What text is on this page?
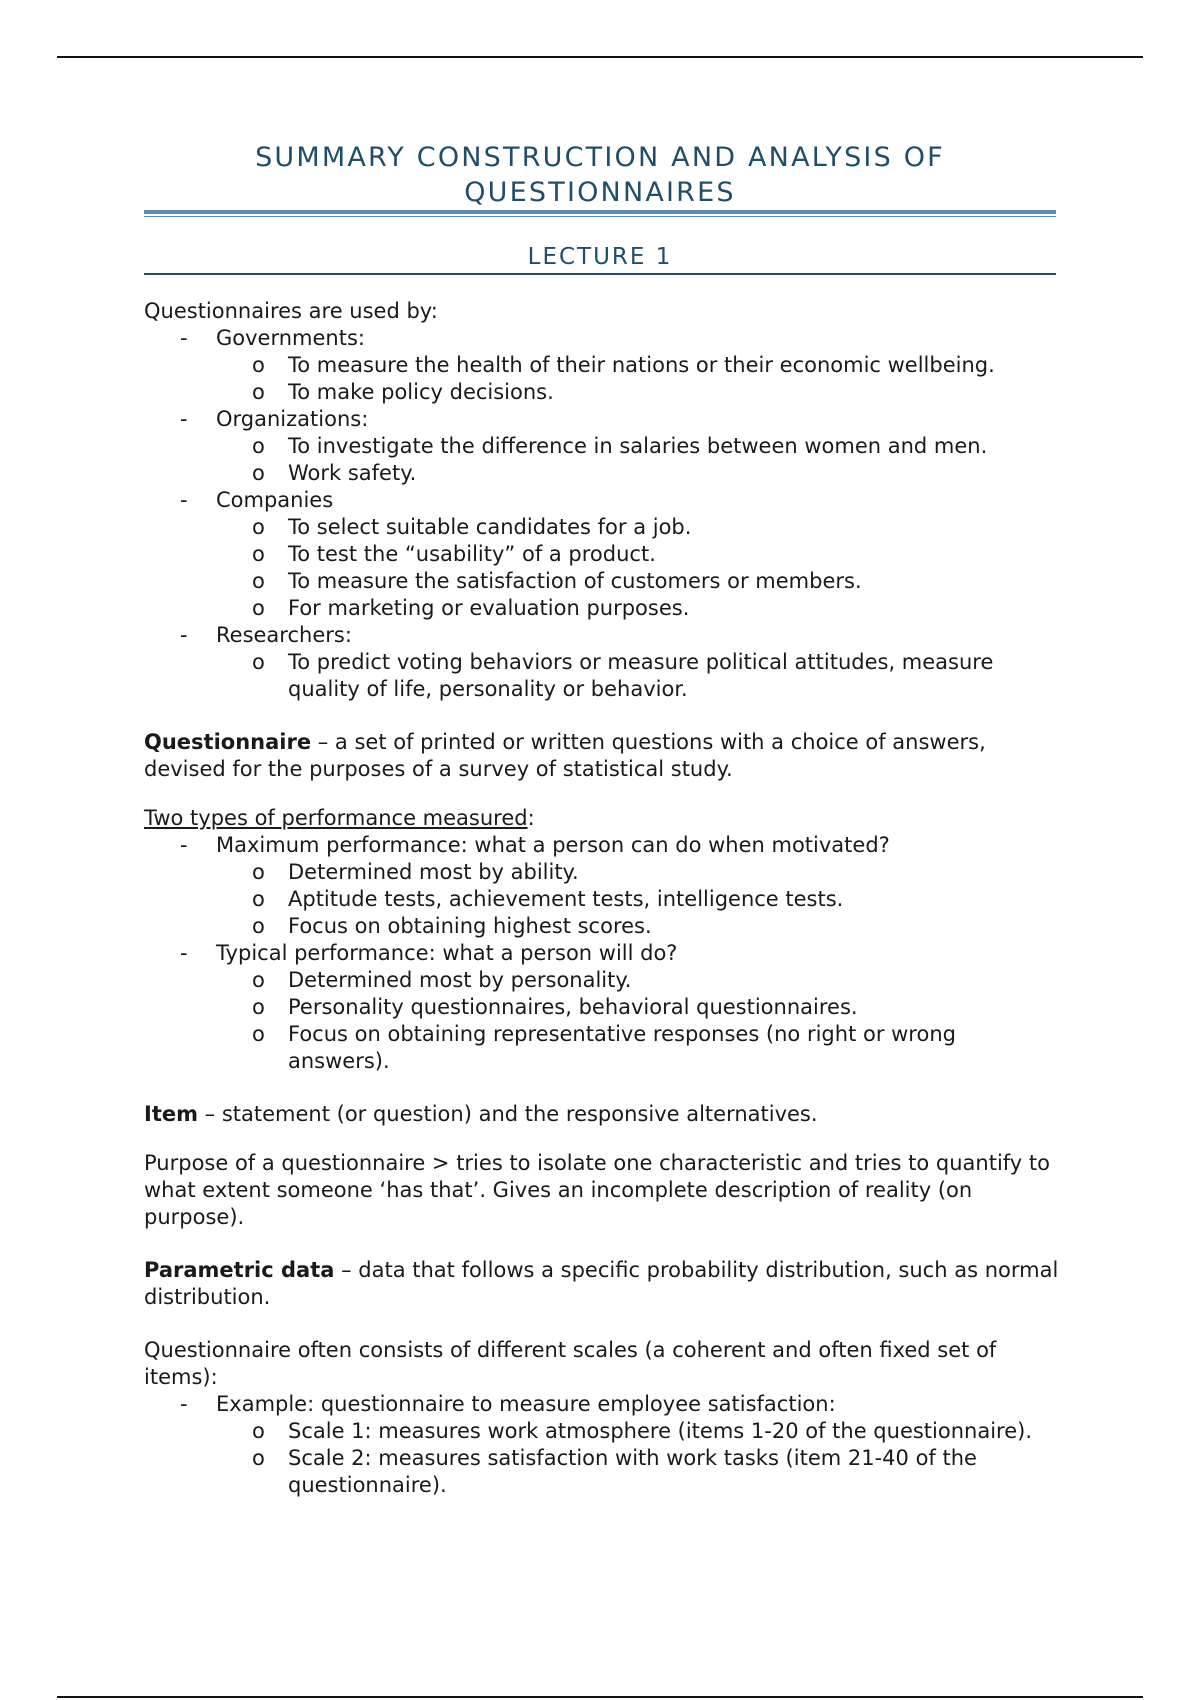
SUMMARY CONSTRUCTION AND ANALYSIS OF QUESTIONNAIRES
LECTURE 1

Questionnaires are used by:

- Governments:
o To measure the health of their nations or their economic wellbeing.
o To make policy decisions.
- Organizations:
o To investigate the difference in salaries between women and men.
o Work safety.
- Companies
o To select suitable candidates for a job.
o To test the “usability” of a product.
o To measure the satisfaction of customers or members.
o For marketing or evaluation purposes.
- Researchers:
o To predict voting behaviors or measure political attitudes, measure quality of life, personality or behavior.

Questionnaire – a set of printed or written questions with a choice of answers, devised for the purposes of a survey of statistical study.

Two types of performance measured:

- Maximum performance: what a person can do when motivated?
o Determined most by ability.
o Aptitude tests, achievement tests, intelligence tests.
o Focus on obtaining highest scores.
- Typical performance: what a person will do?
o Determined most by personality.
o Personality questionnaires, behavioral questionnaires.
o Focus on obtaining representative responses (no right or wrong answers).

Item – statement (or question) and the responsive alternatives.

Purpose of a questionnaire > tries to isolate one characteristic and tries to quantify to what extent someone ‘has that’. Gives an incomplete description of reality (on purpose).

Parametric data – data that follows a specific probability distribution, such as normal distribution.

Questionnaire often consists of different scales (a coherent and often fixed set of items):

- Example: questionnaire to measure employee satisfaction:
o Scale 1: measures work atmosphere (items 1-20 of the questionnaire).
o Scale 2: measures satisfaction with work tasks (item 21-40 of the questionnaire).
